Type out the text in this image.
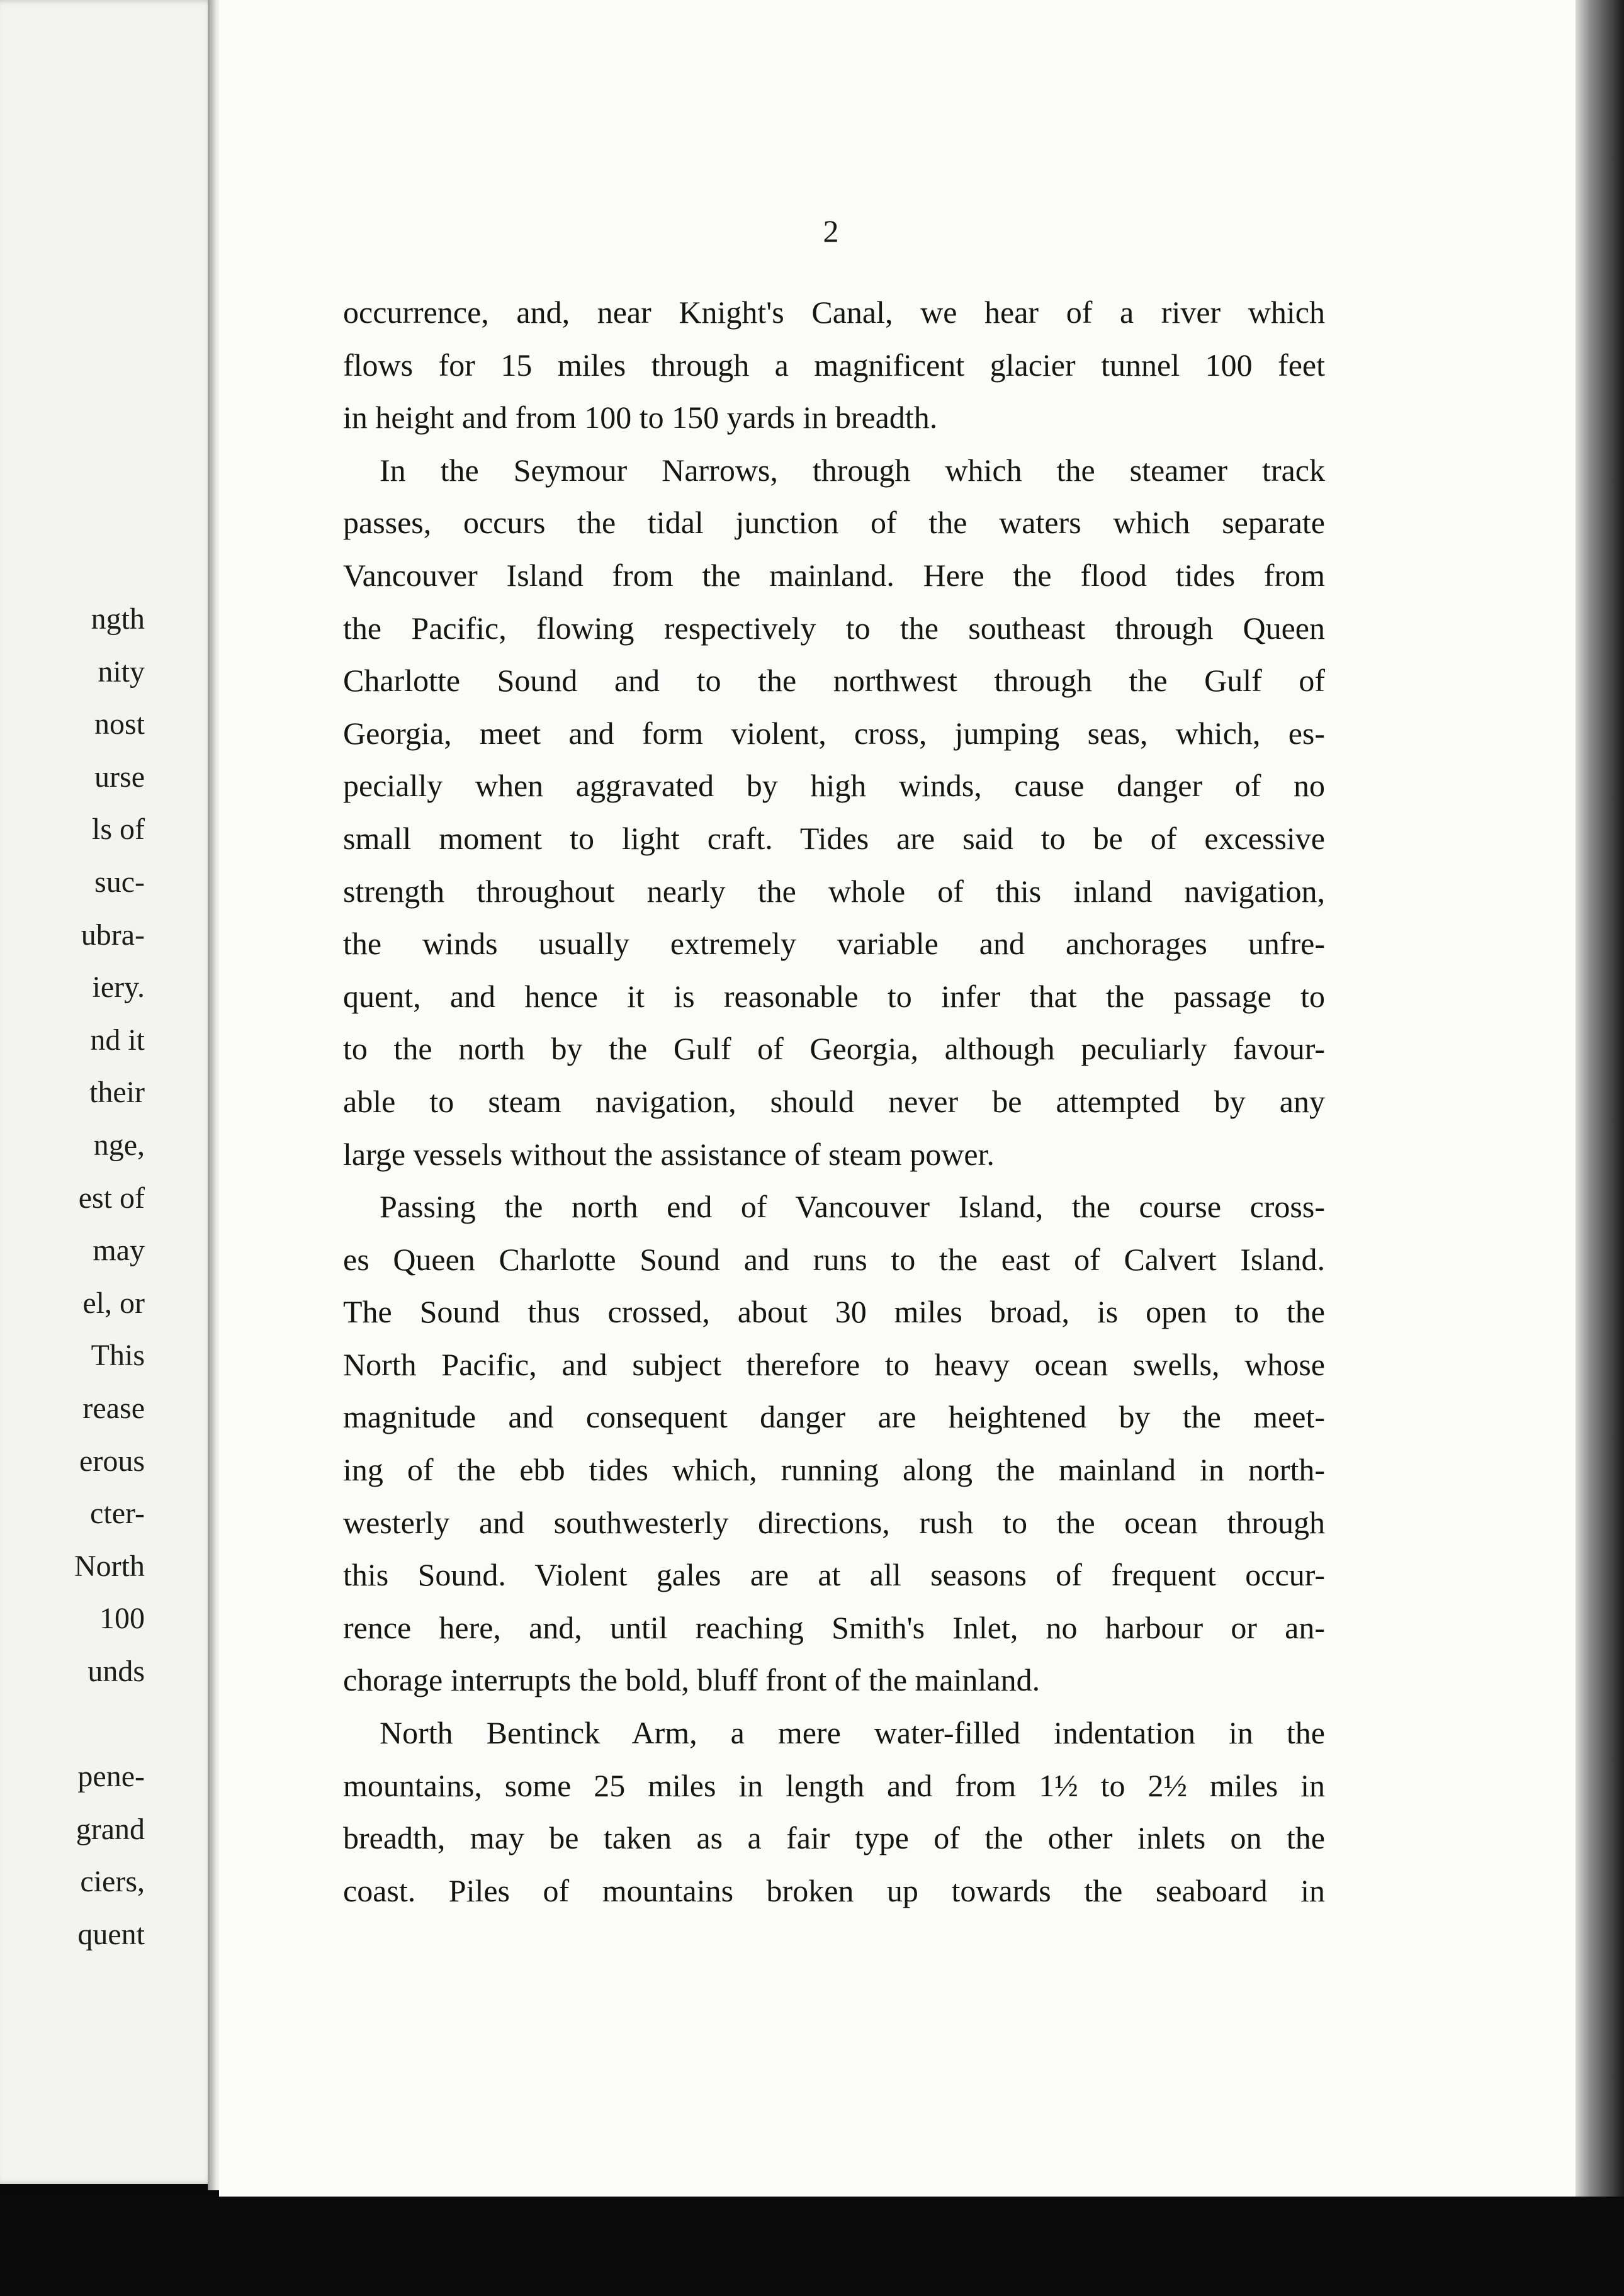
ngth
nity
nost
urse
ls of
suc-
ubra-
iery.
nd it
their
nge,
est of
may
el, or
This
rease
erous
cter-
North
100
unds
pene-
grand
ciers,
quent
2
occurrence, and, near Knight's Canal, we hear of a river which
flows for 15 miles through a magnificent glacier tunnel 100 feet
in height and from 100 to 150 yards in breadth.
In the Seymour Narrows, through which the steamer track
passes, occurs the tidal junction of the waters which separate
Vancouver Island from the mainland. Here the flood tides from
the Pacific, flowing respectively to the southeast through Queen
Charlotte Sound and to the northwest through the Gulf of
Georgia, meet and form violent, cross, jumping seas, which, es-
pecially when aggravated by high winds, cause danger of no
small moment to light craft. Tides are said to be of excessive
strength throughout nearly the whole of this inland navigation,
the winds usually extremely variable and anchorages unfre-
quent, and hence it is reasonable to infer that the passage to
to the north by the Gulf of Georgia, although peculiarly favour-
able to steam navigation, should never be attempted by any
large vessels without the assistance of steam power.
Passing the north end of Vancouver Island, the course cross-
es Queen Charlotte Sound and runs to the east of Calvert Island.
The Sound thus crossed, about 30 miles broad, is open to the
North Pacific, and subject therefore to heavy ocean swells, whose
magnitude and consequent danger are heightened by the meet-
ing of the ebb tides which, running along the mainland in north-
westerly and southwesterly directions, rush to the ocean through
this Sound. Violent gales are at all seasons of frequent occur-
rence here, and, until reaching Smith's Inlet, no harbour or an-
chorage interrupts the bold, bluff front of the mainland.
North Bentinck Arm, a mere water-filled indentation in the
mountains, some 25 miles in length and from 1½ to 2½ miles in
breadth, may be taken as a fair type of the other inlets on the
coast. Piles of mountains broken up towards the seaboard in
